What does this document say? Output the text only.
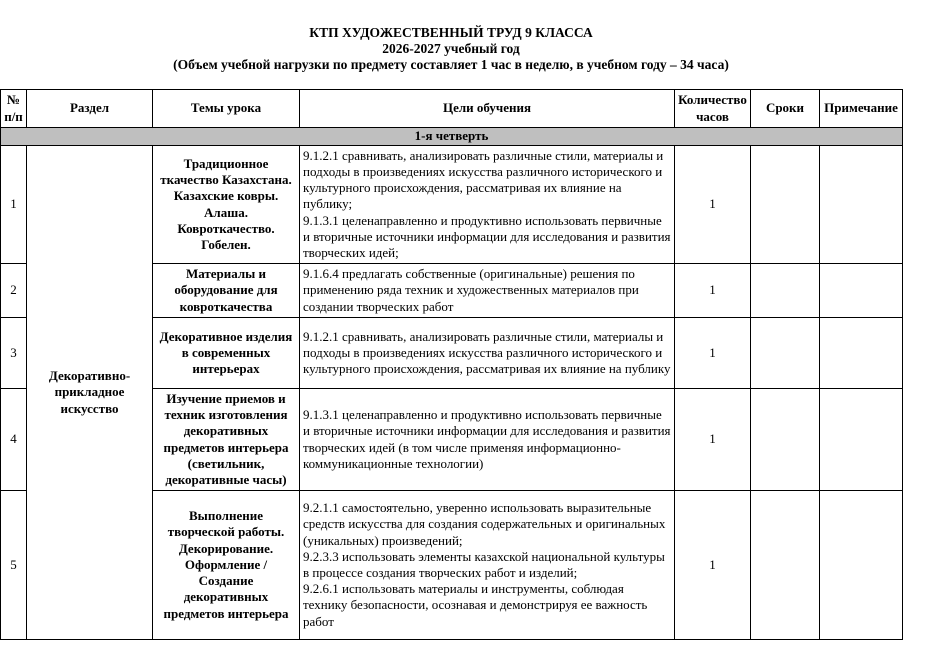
КТП ХУДОЖЕСТВЕННЫЙ ТРУД 9 КЛАССА
2026-2027 учебный год
(Объем учебной нагрузки по предмету составляет 1 час в неделю, в учебном году – 34 часа)
№ п/п	Раздел	Темы урока	Цели обучения	Количество часов	Сроки	Примечание
1-я четверть						
1	Декоративно-прикладное искусство	Традиционное ткачество Казахстана. Казахские ковры. Алаша. Ковроткачество. Гобелен.	9.1.2.1 сравнивать, анализировать различные стили, материалы и подходы в произведениях искусства различного исторического и культурного происхождения, рассматривая их влияние на публику;
9.1.3.1 целенаправленно и продуктивно использовать первичные и вторичные источники информации для исследования и развития творческих идей;	1		
2		Материалы и оборудование для ковроткачества	9.1.6.4 предлагать собственные (оригинальные) решения по применению ряда техник и художественных материалов при создании творческих работ	1		
3		Декоративное изделия в современных интерьерах	9.1.2.1 сравнивать, анализировать различные стили, материалы и подходы в произведениях искусства различного исторического и культурного происхождения, рассматривая их влияние на публику	1		
4		Изучение приемов и техник изготовления декоративных предметов интерьера (светильник, декоративные часы)	9.1.3.1 целенаправленно и продуктивно использовать первичные и вторичные источники информации для исследования и развития творческих идей (в том числе применяя информационно-коммуникационные технологии)	1		
5		Выполнение творческой работы. Декорирование. Оформление / Создание декоративных предметов интерьера	9.2.1.1 самостоятельно, уверенно использовать выразительные средств искусства для создания содержательных и оригинальных (уникальных) произведений;
9.2.3.3 использовать элементы казахской национальной культуры в процессе создания творческих работ и изделий;
9.2.6.1 использовать материалы и инструменты, соблюдая технику безопасности, осознавая и демонстрируя ее важность работ	1		
